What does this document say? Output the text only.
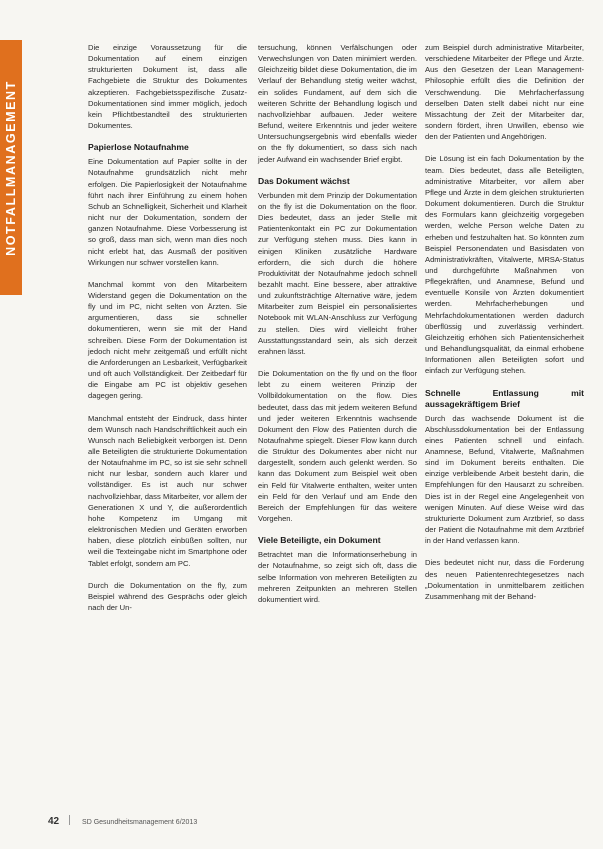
NOTFALLMANAGEMENT

Die einzige Voraussetzung für die Dokumentation auf einem einzigen strukturierten Dokument ist, dass alle Fachgebiete die Struktur des Dokumentes akzeptieren. Fachgebietsspezifische Zusatz-Dokumentationen sind immer möglich, jedoch kein Pflichtbestandteil des strukturierten Dokumentes.

Papierlose Notaufnahme

Eine Dokumentation auf Papier sollte in der Notaufnahme grundsätzlich nicht mehr erfolgen. Die Papierlosigkeit der Notaufnahme führt nach ihrer Einführung zu einem hohen Schub an Schnelligkeit, Sicherheit und Klarheit nicht nur der Dokumentation, sondern der ganzen Notaufnahme. Diese Vorbesserung ist so groß, dass man sich, wenn man dies noch nicht erlebt hat, das Ausmaß der positiven Wirkungen nur schwer vorstellen kann.

Manchmal kommt von den Mitarbeitern Widerstand gegen die Dokumentation on the fly und im PC, nicht selten von Ärzten. Sie argumentieren, dass sie schneller dokumentieren, wenn sie mit der Hand schreiben. Diese Form der Dokumentation ist jedoch nicht mehr zeitgemäß und erfüllt nicht die Anforderungen an Lesbarkeit, Verfügbarkeit und oft auch Vollständigkeit. Der Zeitbedarf für die Eingabe am PC ist objektiv gesehen dagegen gering.

Manchmal entsteht der Eindruck, dass hinter dem Wunsch nach Handschriftlichkeit auch ein Wunsch nach Beliebigkeit verborgen ist. Denn alle Beteiligten die strukturierte Dokumentation der Notaufnahme im PC, so ist sie sehr schnell nicht nur lesbar, sondern auch klarer und vollständiger. Es ist auch nur schwer nachvollziehbar, dass Mitarbeiter, vor allem der Generationen X und Y, die außerordentlich hohe Kompetenz im Umgang mit elektronischen Medien und Geräten erworben haben, diese plötzlich einbüßen sollten, nur weil die Texteingabe nicht im Smartphone oder Tablet erfolgt, sondern am PC.

Durch die Dokumentation on the fly, zum Beispiel während des Gesprächs oder gleich nach der Un-

tersuchung, können Verfälschungen oder Verwechslungen von Daten minimiert werden. Gleichzeitig bildet diese Dokumentation, die im Verlauf der Behandlung stetig weiter wächst, ein solides Fundament, auf dem sich die weiteren Schritte der Behandlung logisch und nachvollziehbar aufbauen. Jeder weitere Befund, weitere Erkenntnis und jeder weitere Untersuchungsergebnis wird ebenfalls wieder on the fly dokumentiert, so dass sich nach jeder Aufwand ein wachsender Brief ergibt.

Das Dokument wächst

Verbunden mit dem Prinzip der Dokumentation on the fly ist die Dokumentation on the floor. Dies bedeutet, dass an jeder Stelle mit Patientenkontakt ein PC zur Dokumentation zur Verfügung stehen muss. Dies kann in einigen Kliniken zusätzliche Hardware erfordern, die sich durch die höhere Produktivität der Notaufnahme jedoch schnell bezahlt macht. Eine bessere, aber attraktive und zukunftsträchtige Alternative wäre, jedem Mitarbeiter zum Beispiel ein personalisiertes Notebook mit WLAN-Anschluss zur Verfügung zu stellen. Dies wird vielleicht früher Ausstattungsstandard sein, als sich derzeit erahnen lässt.

Die Dokumentation on the fly und on the floor lebt zu einem weiteren Prinzip der Vollbildokumentation on the flow. Dies bedeutet, dass das mit jedem weiteren Befund und jeder weiteren Erkenntnis wachsende Dokument den Flow des Patienten durch die Notaufnahme spiegelt. Dieser Flow kann durch die Struktur des Dokumentes aber nicht nur dargestellt, sondern auch gelenkt werden. So kann das Dokument zum Beispiel weit oben ein Feld für Vitalwerte enthalten, weiter unten ein Feld für den Verlauf und am Ende den Bereich der Empfehlungen für das weitere Vorgehen.

Viele Beteiligte, ein Dokument

Betrachtet man die Informationserhebung in der Notaufnahme, so zeigt sich oft, dass die selbe Information von mehreren Beteiligten zu mehreren Zeitpunkten an mehreren Stellen dokumentiert wird.

zum Beispiel durch administrative Mitarbeiter, verschiedene Mitarbeiter der Pflege und Ärzte. Aus den Gesetzen der Lean Management-Philosophie erfüllt dies die Definition der Verschwendung. Die Mehrfacherfassung derselben Daten stellt dabei nicht nur eine Missachtung der Zeit der Mitarbeiter dar, sondern fördert, ihren Unwillen, ebenso wie den der Patienten und Angehörigen.

Die Lösung ist ein fach Dokumentation by the team. Dies bedeutet, dass alle Beteiligten, administrative Mitarbeiter, vor allem aber Pflege und Ärzte in dem gleichen strukturierten Dokument dokumentieren. Durch die Struktur des Formulars kann gleichzeitig vorgegeben werden, welche Person welche Daten zu erheben und festzuhalten hat. So könnten zum Beispiel Personendaten und Basisdaten von Administrativkräften, Vitalwerte, MRSA-Status und durchgeführte Maßnahmen von Pflegekräften, und Anamnese, Befund und eventuelle Konsile von Ärzten dokumentiert werden. Mehrfacherhebungen und Mehrfachdokumentationen werden dadurch überflüssig und zuverlässig verhindert. Gleichzeitig erhöhen sich Patientensicherheit und Behandlungsqualität, da einmal erhobene Informationen allen Beteiligten sofort und einfach zur Verfügung stehen.

Schnelle Entlassung mit aussagekräftigem Brief

Durch das wachsende Dokument ist die Abschlussdokumentation bei der Entlassung eines Patienten schnell und einfach. Anamnese, Befund, Vitalwerte, Maßnahmen sind im Dokument bereits enthalten. Die einzige verbleibende Arbeit besteht darin, die Empfehlungen für den Hausarzt zu schreiben. Dies ist in der Regel eine Angelegenheit von wenigen Minuten. Auf diese Weise wird das strukturierte Dokument zum Arztbrief, so dass der Patient die Notaufnahme mit dem Arztbrief in der Hand verlassen kann.

Dies bedeutet nicht nur, dass die Forderung des neuen Patientenrechtegesetzes nach „Dokumentation in unmittelbarem zeitlichen Zusammenhang mit der Behand-

42	SD Gesundheitsmanagement 6/2013
